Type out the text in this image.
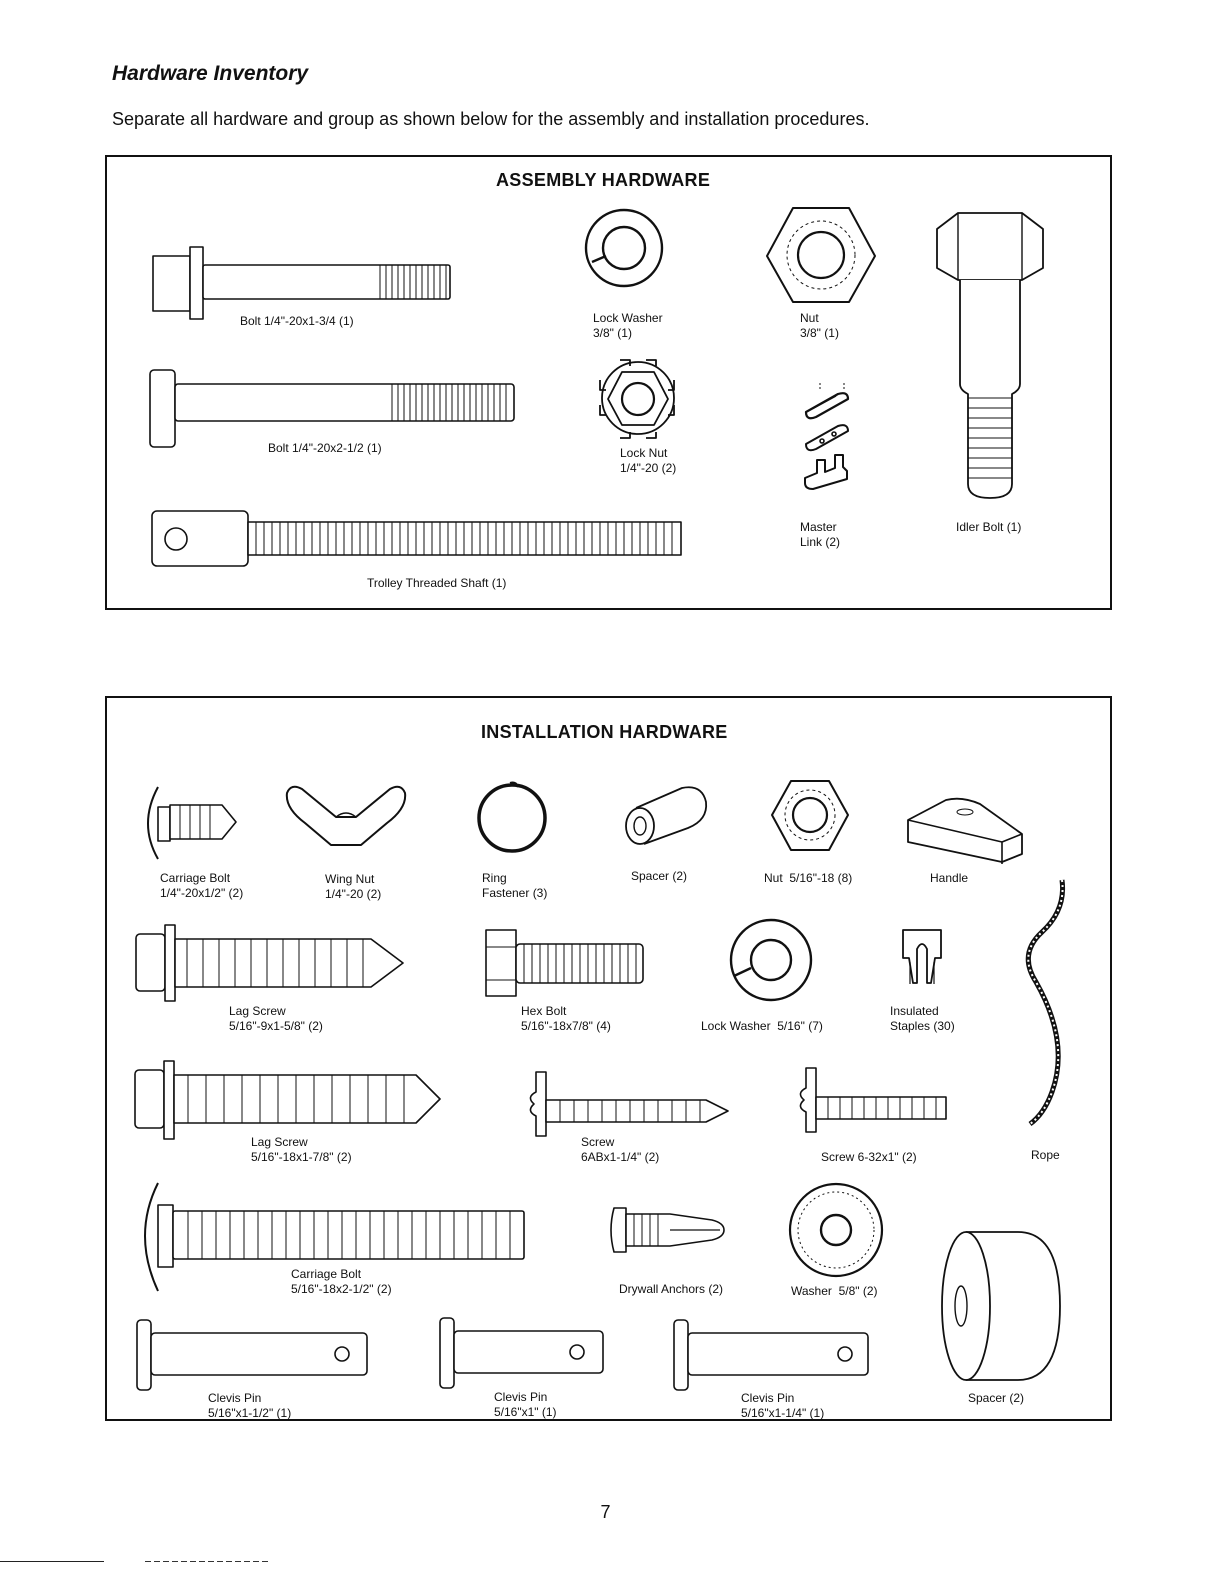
Hardware Inventory
Separate all hardware and group as shown below for the assembly and installation procedures.
ASSEMBLY HARDWARE
INSTALLATION HARDWARE
Bolt 1/4"-20x1-3/4 (1)
Bolt 1/4"-20x2-1/2 (1)
Trolley Threaded Shaft (1)
Lock Washer
3/8" (1)
Nut
3/8" (1)
Lock Nut
1/4"-20 (2)
Master
Link (2)
Idler Bolt (1)
Carriage Bolt
1/4"-20x1/2" (2)
Wing Nut
1/4"-20 (2)
Ring
Fastener (3)
Spacer (2)	Nut  5/16"-18 (8)	Handle
Lag Screw
5/16"-9x1-5/8" (2)
Hex Bolt
5/16"-18x7/8" (4)	Lock Washer  5/16" (7)
Insulated
Staples (30)
Lag Screw
5/16"-18x1-7/8" (2)
Screw
6ABx1-1/4" (2)	Screw 6-32x1" (2)	Rope
Carriage Bolt
5/16"-18x2-1/2" (2)	Drywall Anchors (2)	Washer  5/8" (2)
Clevis Pin
5/16"x1-1/2" (1)
Clevis Pin
5/16"x1" (1)
Clevis Pin
5/16"x1-1/4" (1)
Spacer (2)
7
